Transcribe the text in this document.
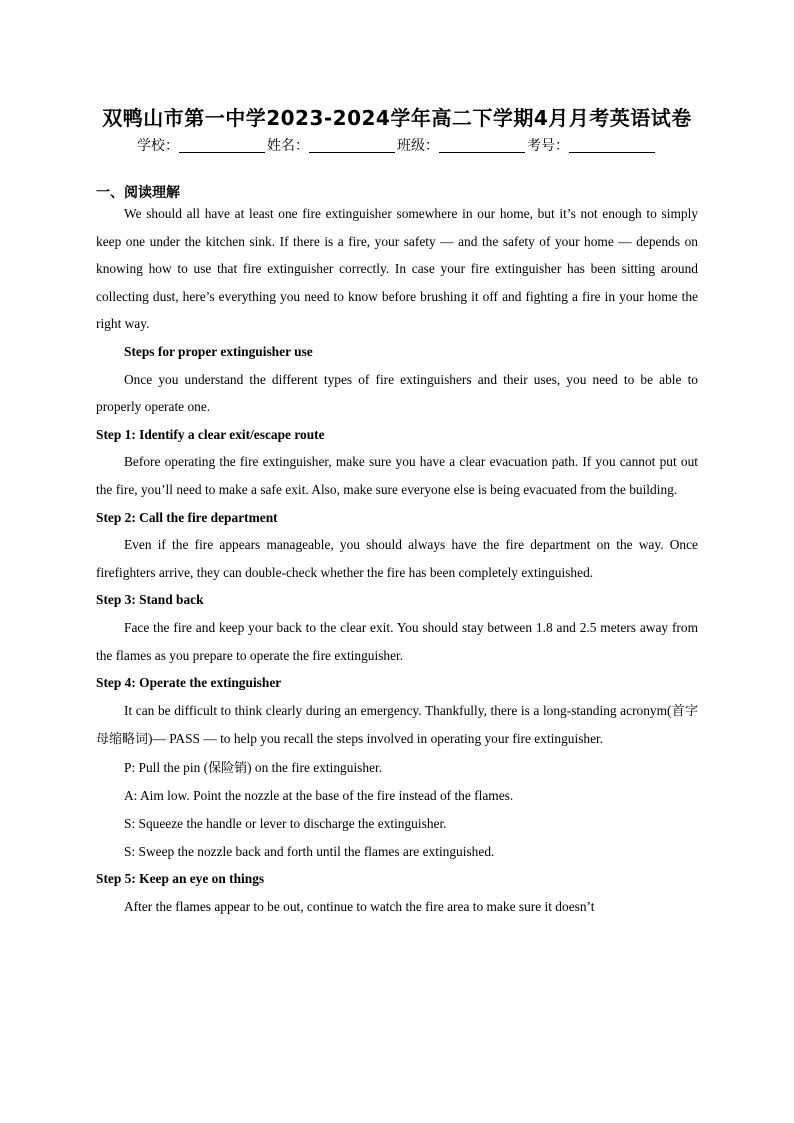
双鸭山市第一中学2023-2024学年高二下学期4月月考英语试卷
学校：	姓名：	班级：	考号：
一、阅读理解

We should all have at least one fire extinguisher somewhere in our home, but it’s not enough to simply keep one under the kitchen sink. If there is a fire, your safety — and the safety of your home — depends on knowing how to use that fire extinguisher correctly. In case your fire extinguisher has been sitting around collecting dust, here’s everything you need to know before brushing it off and fighting a fire in your home the right way.

Steps for proper extinguisher use

Once you understand the different types of fire extinguishers and their uses, you need to be able to properly operate one.

Step 1: Identify a clear exit/escape route

Before operating the fire extinguisher, make sure you have a clear evacuation path. If you cannot put out the fire, you’ll need to make a safe exit. Also, make sure everyone else is being evacuated from the building.

Step 2: Call the fire department

Even if the fire appears manageable, you should always have the fire department on the way. Once firefighters arrive, they can double-check whether the fire has been completely extinguished.

Step 3: Stand back

Face the fire and keep your back to the clear exit. You should stay between 1.8 and 2.5 meters away from the flames as you prepare to operate the fire extinguisher.

Step 4: Operate the extinguisher

It can be difficult to think clearly during an emergency. Thankfully, there is a long-standing acronym(首字母缩略词)— PASS — to help you recall the steps involved in operating your fire extinguisher.

P: Pull the pin (保险销) on the fire extinguisher.

A: Aim low. Point the nozzle at the base of the fire instead of the flames.

S: Squeeze the handle or lever to discharge the extinguisher.

S: Sweep the nozzle back and forth until the flames are extinguished.

Step 5: Keep an eye on things

After the flames appear to be out, continue to watch the fire area to make sure it doesn’t
